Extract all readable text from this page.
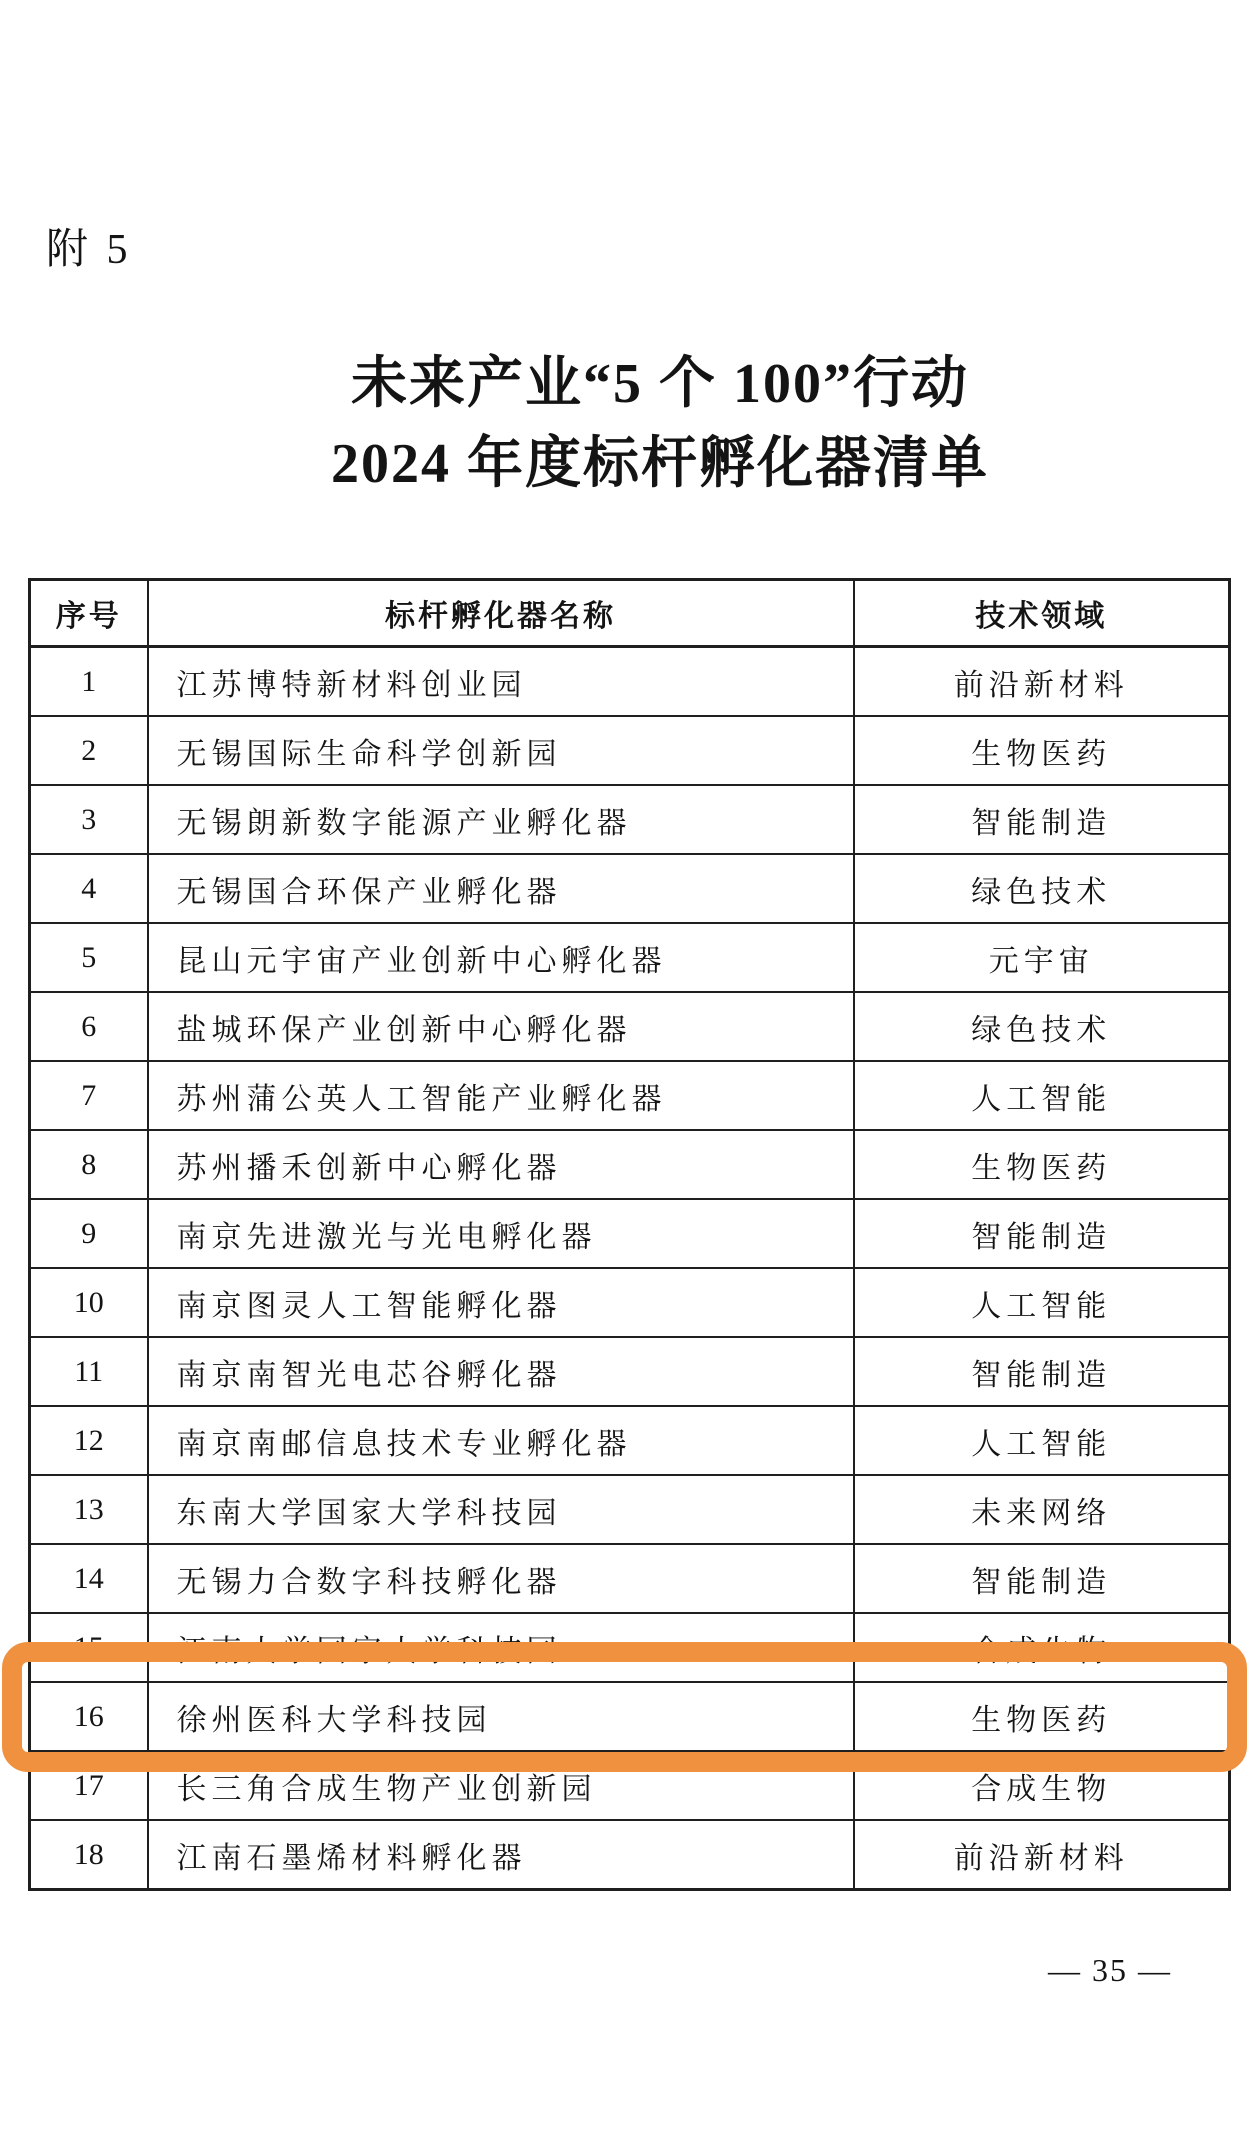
附 5
未来产业“5 个 100”行动
2024 年度标杆孵化器清单
序号	标杆孵化器名称	技术领域
1	江苏博特新材料创业园	前沿新材料
2	无锡国际生命科学创新园	生物医药
3	无锡朗新数字能源产业孵化器	智能制造
4	无锡国合环保产业孵化器	绿色技术
5	昆山元宇宙产业创新中心孵化器	元宇宙
6	盐城环保产业创新中心孵化器	绿色技术
7	苏州蒲公英人工智能产业孵化器	人工智能
8	苏州播禾创新中心孵化器	生物医药
9	南京先进激光与光电孵化器	智能制造
10	南京图灵人工智能孵化器	人工智能
11	南京南智光电芯谷孵化器	智能制造
12	南京南邮信息技术专业孵化器	人工智能
13	东南大学国家大学科技园	未来网络
14	无锡力合数字科技孵化器	智能制造
15	江南大学国家大学科技园	合成生物
16	徐州医科大学科技园	生物医药
17	长三角合成生物产业创新园	合成生物
18	江南石墨烯材料孵化器	前沿新材料
— 35 —
